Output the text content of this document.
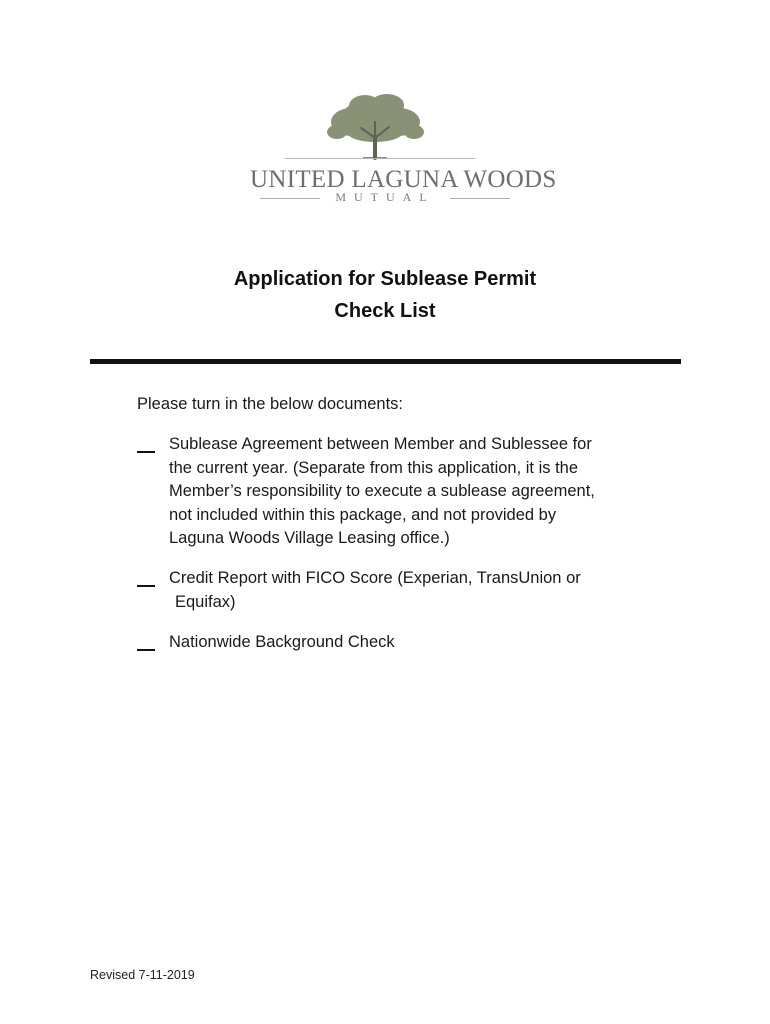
UNITED LAGUNA WOODS
MUTUAL
Application for Sublease Permit
Check List
Please turn in the below documents:
Sublease Agreement between Member and Sublessee for
the current year. (Separate from this application, it is the
Member’s responsibility to execute a sublease agreement,
not included within this package, and not provided by
Laguna Woods Village Leasing office.)
Credit Report with FICO Score (Experian, TransUnion or
Equifax)
Nationwide Background Check
Revised 7-11-2019
